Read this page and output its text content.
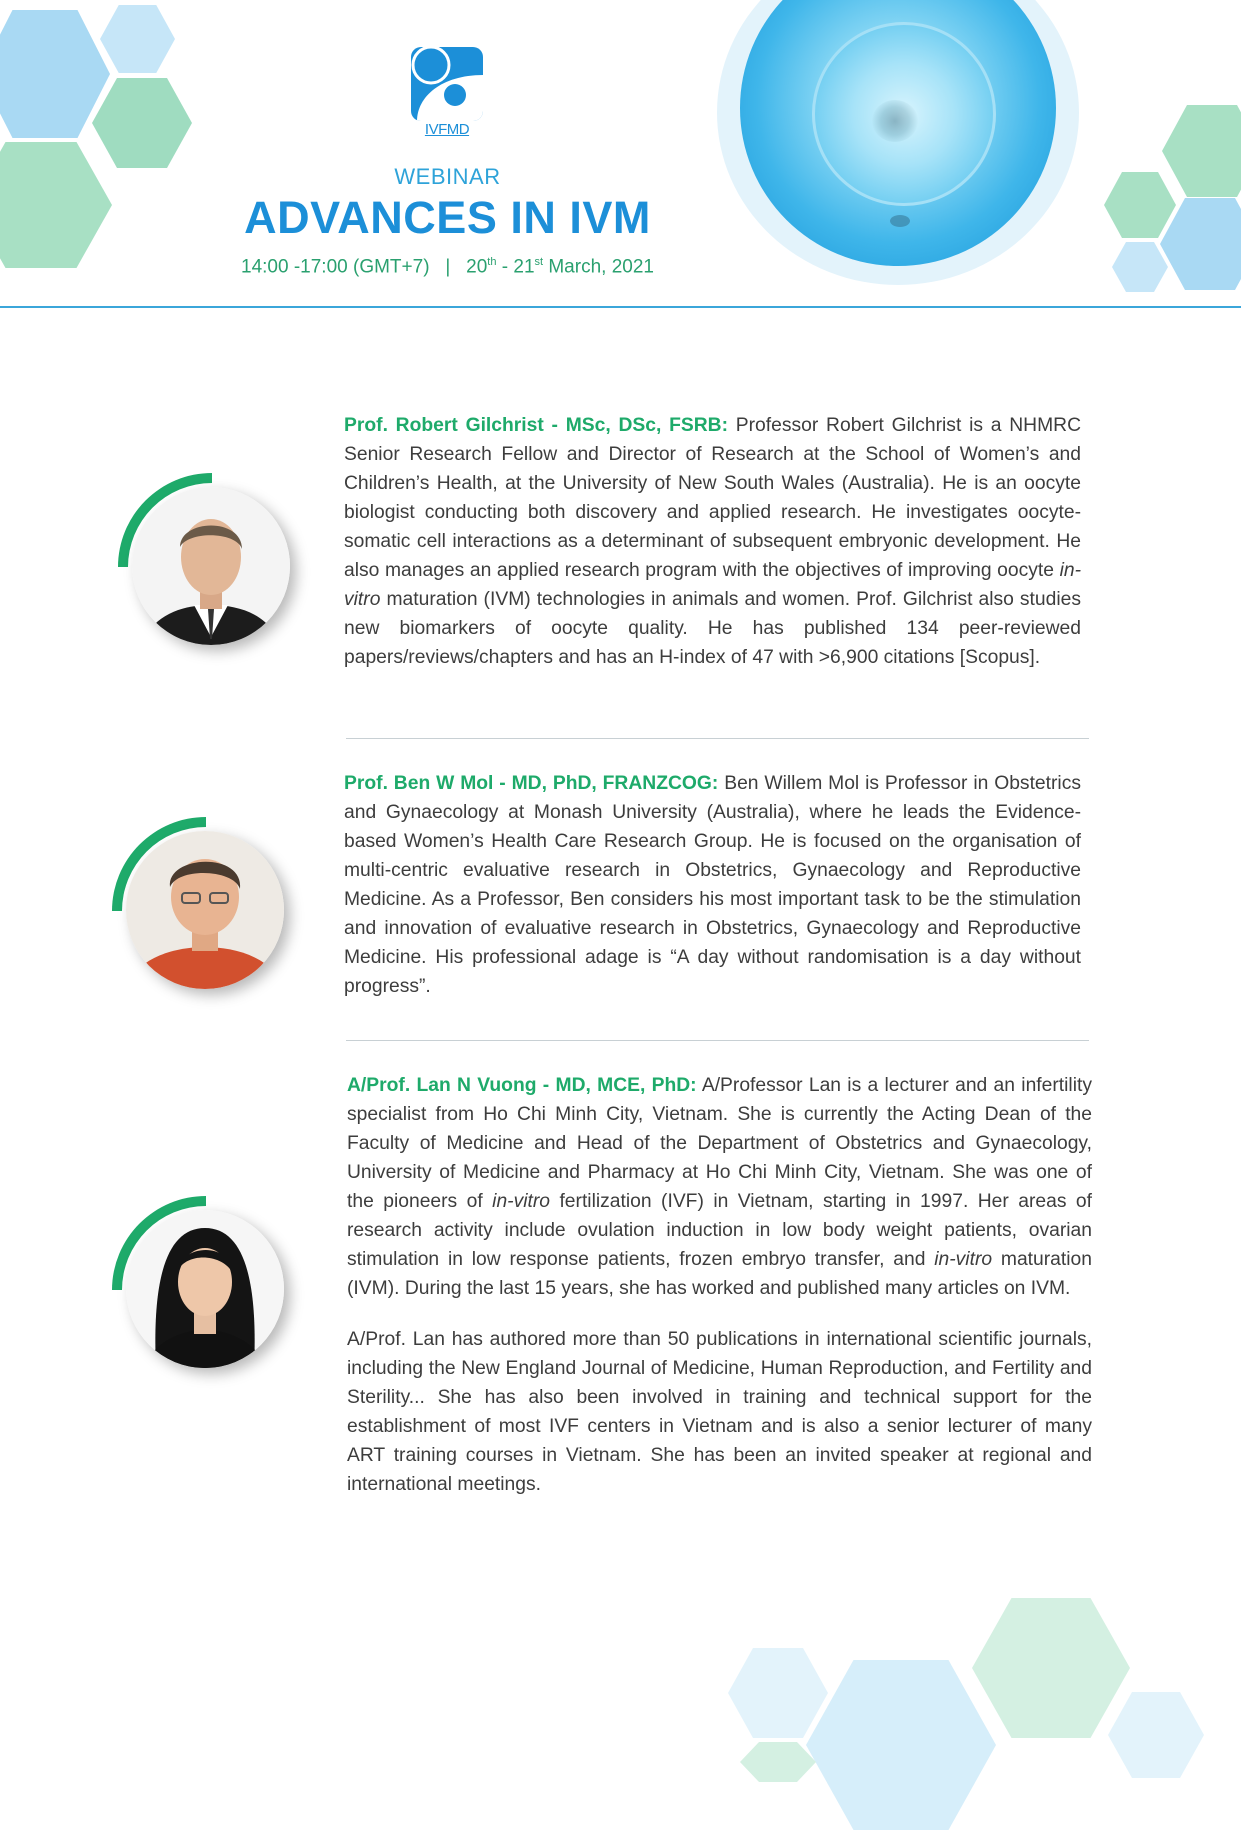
IVFMD
WEBINAR
ADVANCES IN IVM
14:00 -17:00 (GMT+7) | 20th - 21st March, 2021

Prof. Robert Gilchrist - MSc, DSc, FSRB: Professor Robert Gilchrist is a NHMRC Senior Research Fellow and Director of Research at the School of Women’s and Children’s Health, at the University of New South Wales (Australia). He is an oocyte biologist conducting both discovery and applied research. He investigates oocyte-somatic cell interactions as a determinant of subsequent embryonic development. He also manages an applied research program with the objectives of improving oocyte in-vitro maturation (IVM) technologies in animals and women. Prof. Gilchrist also studies new biomarkers of oocyte quality. He has published 134 peer-reviewed papers/reviews/chapters and has an H-index of 47 with >6,900 citations [Scopus].

Prof. Ben W Mol - MD, PhD, FRANZCOG: Ben Willem Mol is Professor in Obstetrics and Gynaecology at Monash University (Australia), where he leads the Evidence-based Women’s Health Care Research Group. He is focused on the organisation of multi-centric evaluative research in Obstetrics, Gynaecology and Reproductive Medicine. As a Professor, Ben considers his most important task to be the stimulation and innovation of evaluative research in Obstetrics, Gynaecology and Reproductive Medicine. His professional adage is “A day without randomisation is a day without progress”.

A/Prof. Lan N Vuong - MD, MCE, PhD: A/Professor Lan is a lecturer and an infertility specialist from Ho Chi Minh City, Vietnam. She is currently the Acting Dean of the Faculty of Medicine and Head of the Department of Obstetrics and Gynaecology, University of Medicine and Pharmacy at Ho Chi Minh City, Vietnam. She was one of the pioneers of in-vitro fertilization (IVF) in Vietnam, starting in 1997. Her areas of research activity include ovulation induction in low body weight patients, ovarian stimulation in low response patients, frozen embryo transfer, and in-vitro maturation (IVM). During the last 15 years, she has worked and published many articles on IVM.

A/Prof. Lan has authored more than 50 publications in international scientific journals, including the New England Journal of Medicine, Human Reproduction, and Fertility and Sterility... She has also been involved in training and technical support for the establishment of most IVF centers in Vietnam and is also a senior lecturer of many ART training courses in Vietnam. She has been an invited speaker at regional and international meetings.
